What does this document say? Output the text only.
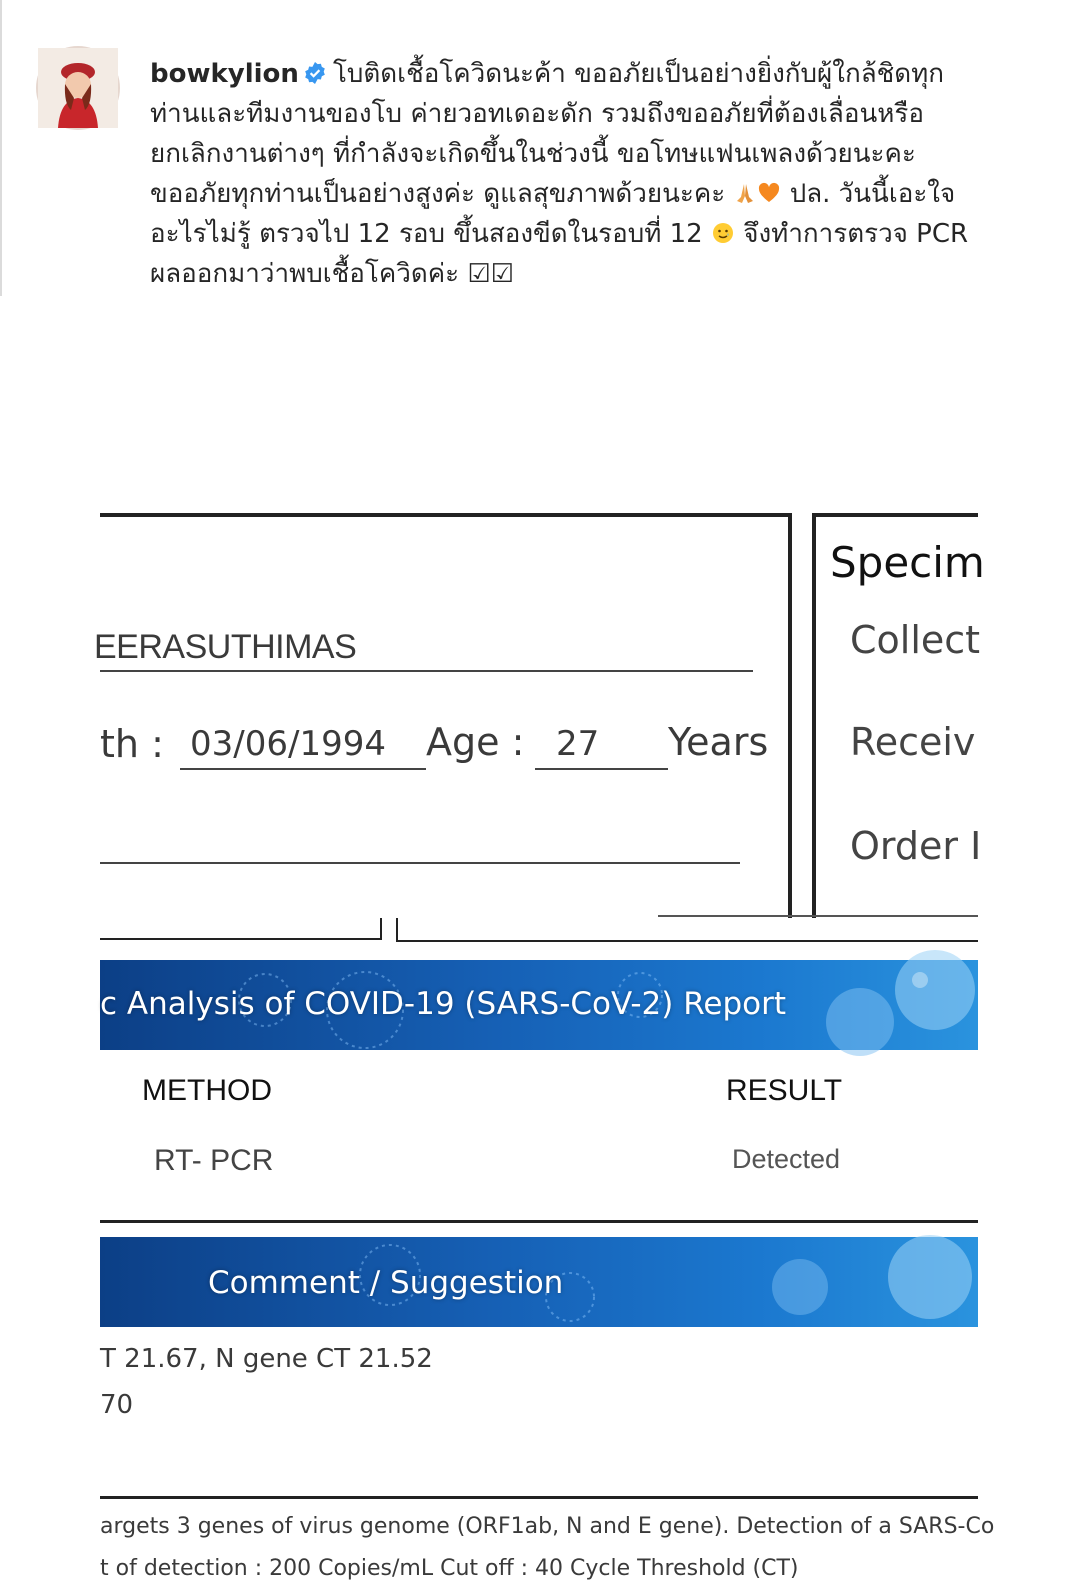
bowkylion โบติดเชื้อโควิดนะค้า ขออภัยเป็นอย่างยิ่งกับผู้ใกล้ชิดทุก
ท่านและทีมงานของโบ ค่ายวอทเดอะดัก รวมถึงขออภัยที่ต้องเลื่อนหรือ
ยกเลิกงานต่างๆ ที่กำลังจะเกิดขึ้นในช่วงนี้ ขอโทษแฟนเพลงด้วยนะคะ
ขออภัยทุกท่านเป็นอย่างสูงค่ะ ดูแลสุขภาพด้วยนะคะ ปล. วันนี้เอะใจ
อะไรไม่รู้ ตรวจไป 12 รอบ ขึ้นสองขีดในรอบที่ 12 จึงทำการตรวจ PCR
ผลออกมาว่าพบเชื้อโควิดค่ะ ☑☑
EERASUTHIMAS
th : 03/06/1994 Age : 27 Years
Specim
Collect
Receiv
Order I
c Analysis of COVID-19 (SARS-CoV-2) Report
METHOD	RESULT
RT- PCR	Detected
Comment / Suggestion
T 21.67, N gene CT 21.52
70
argets 3 genes of virus genome (ORF1ab, N and E gene). Detection of a SARS-Co
t of detection : 200 Copies/mL Cut off : 40 Cycle Threshold (CT)
